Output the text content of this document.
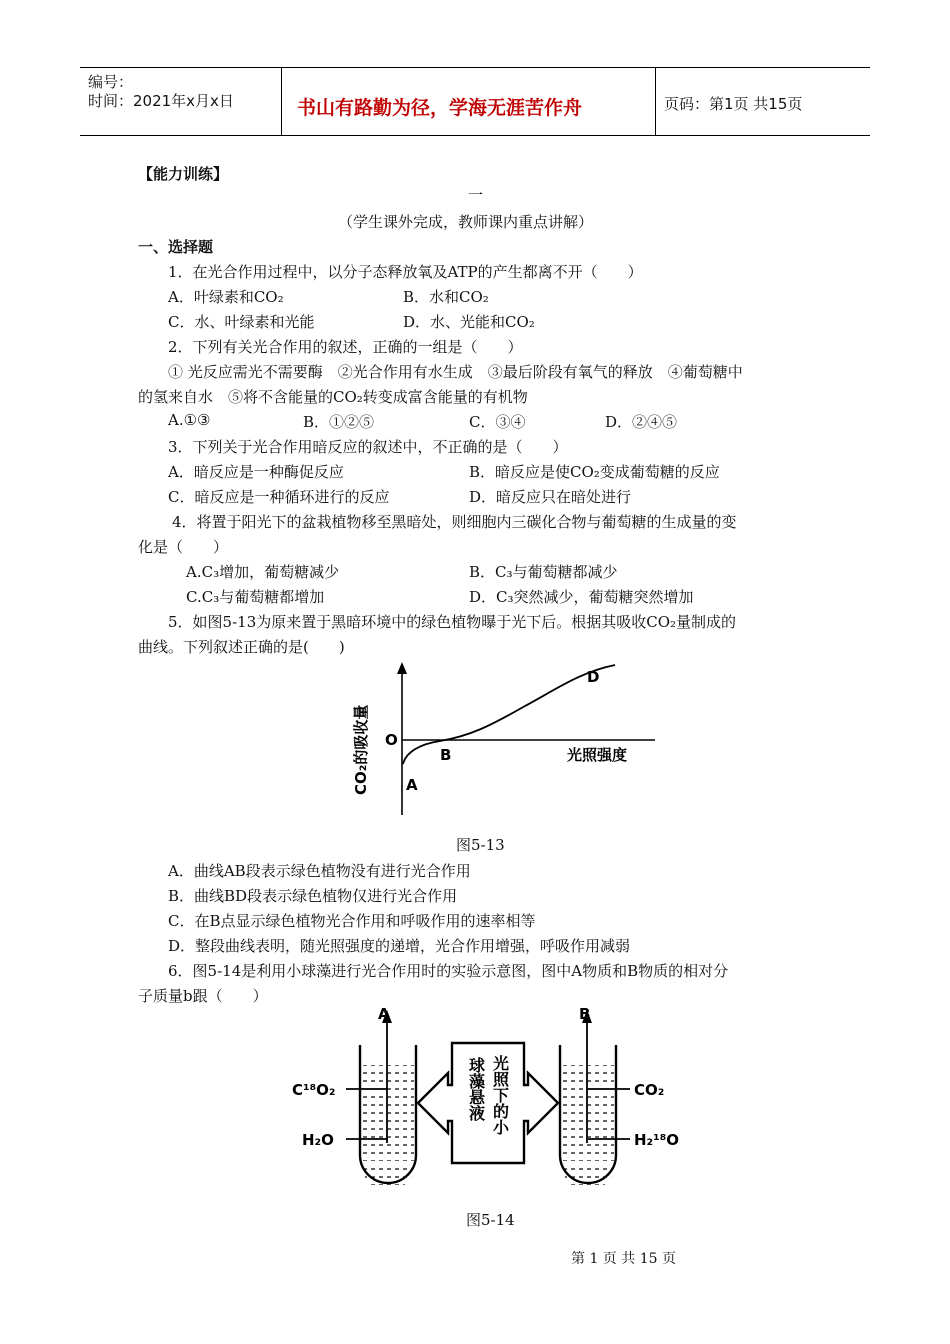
编号：
时间：2021年x月x日	书山有路勤为径，学海无涯苦作舟	页码：第1页 共15页
【能力训练】
一
（学生课外完成，教师课内重点讲解）
一、选择题
1．在光合作用过程中，以分子态释放氧及ATP的产生都离不开（　　）
A．叶绿素和CO₂	B．水和CO₂
C．水、叶绿素和光能	D．水、光能和CO₂
2．下列有关光合作用的叙述，正确的一组是（　　）
① 光反应需光不需要酶　②光合作用有水生成　③最后阶段有氧气的释放　④葡萄糖中
的氢来自水　⑤将不含能量的CO₂转变成富含能量的有机物
A.①③	B．①②⑤	C．③④	D．②④⑤
3．下列关于光合作用暗反应的叙述中，不正确的是（　　）
A．暗反应是一种酶促反应	B．暗反应是使CO₂变成葡萄糖的反应
C．暗反应是一种循环进行的反应	D．暗反应只在暗处进行
4．将置于阳光下的盆栽植物移至黑暗处，则细胞内三碳化合物与葡萄糖的生成量的变
化是（　　）
A.C₃增加，葡萄糖减少	B．C₃与葡萄糖都减少
C.C₃与葡萄糖都增加	D．C₃突然减少，葡萄糖突然增加
5．如图5-13为原来置于黑暗环境中的绿色植物曝于光下后。根据其吸收CO₂量制成的
曲线。下列叙述正确的是(　　)
O
A
B
D
光照强度
CO₂的吸收量
图5-13
A．曲线AB段表示绿色植物没有进行光合作用
B．曲线BD段表示绿色植物仅进行光合作用
C．在B点显示绿色植物光合作用和呼吸作用的速率相等
D．整段曲线表明，随光照强度的递增，光合作用增强，呼吸作用减弱
6．图5-14是利用小球藻进行光合作用时的实验示意图，图中A物质和B物质的相对分
子质量b跟（　　）
A
C¹⁸O₂
H₂O
B
CO₂
H₂¹⁸O
球藻悬液 光照下的小
图5-14
第 1 页 共 15 页
